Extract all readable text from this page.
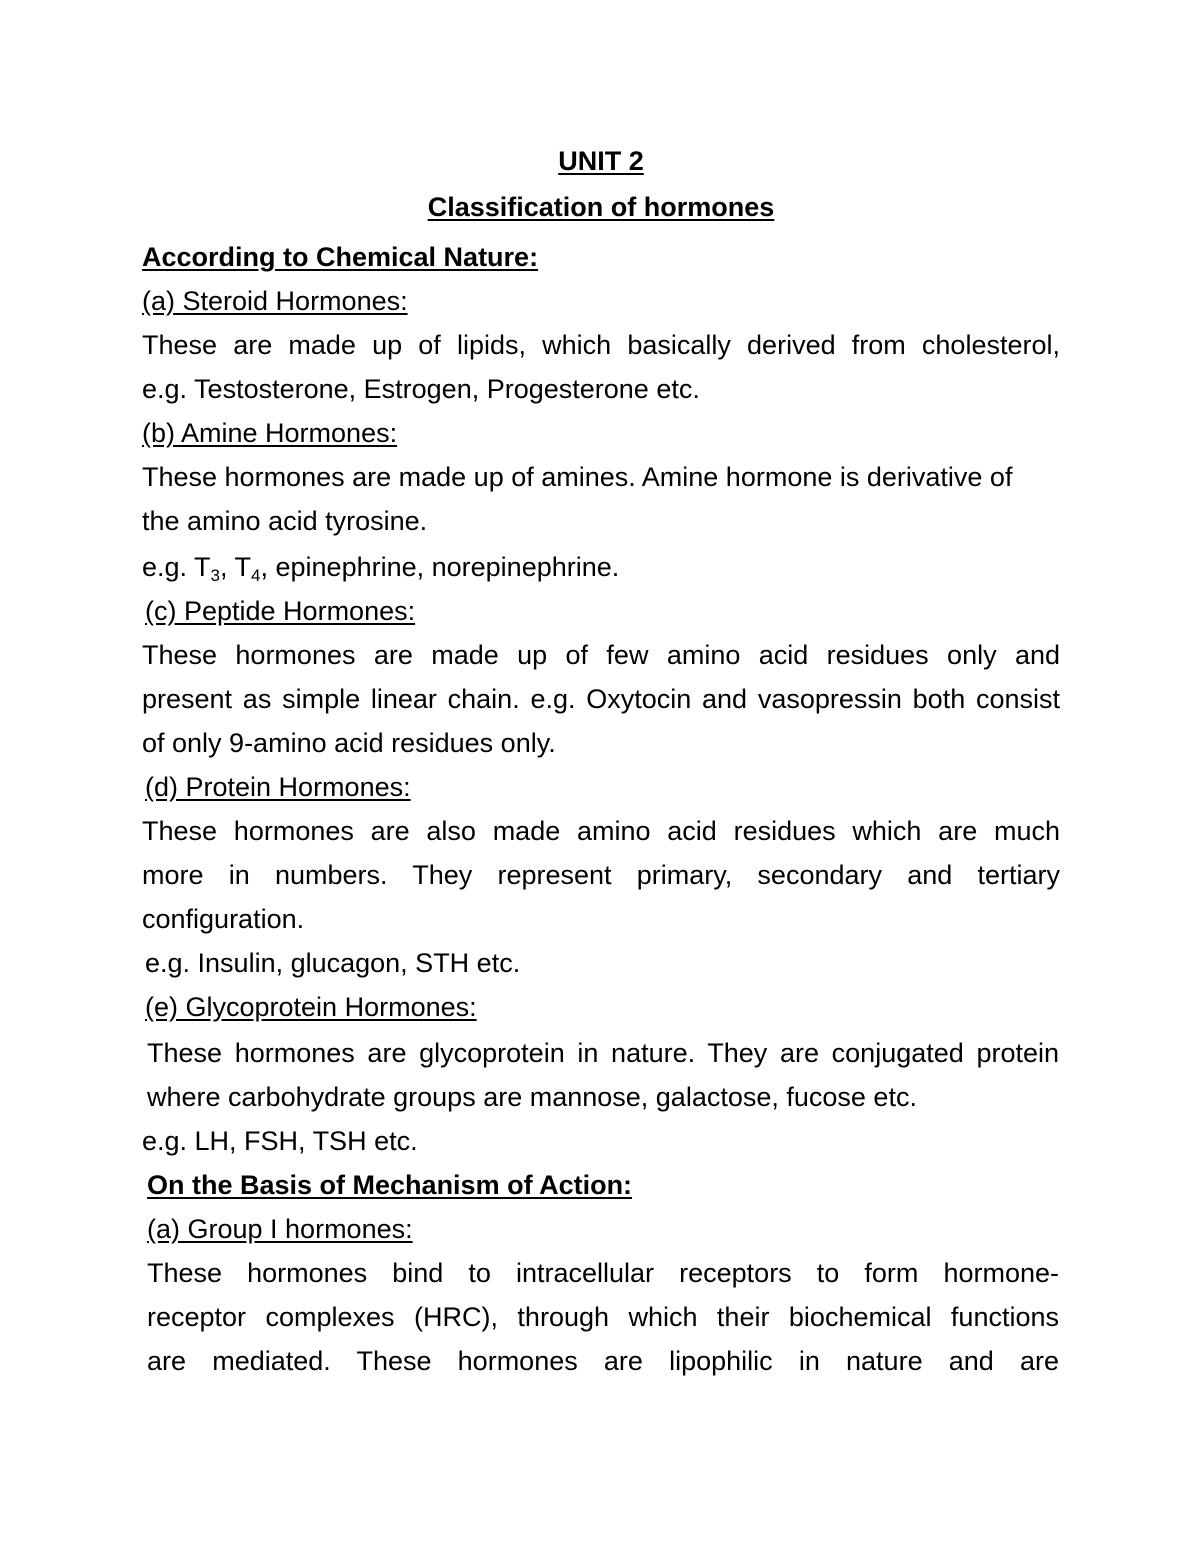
UNIT 2
Classification of hormones
According to Chemical Nature:
(a) Steroid Hormones:
These are made up of lipids, which basically derived from cholesterol,
e.g. Testosterone, Estrogen, Progesterone etc.
(b) Amine Hormones:
These hormones are made up of amines. Amine hormone is derivative of
the amino acid tyrosine.
e.g. $T_3$, $T_4$, epinephrine, norepinephrine.
(c) Peptide Hormones:
These hormones are made up of few amino acid residues only and
present as simple linear chain. e.g. Oxytocin and vasopressin both consist
of only 9-amino acid residues only.
(d) Protein Hormones:
These hormones are also made amino acid residues which are much
more in numbers. They represent primary, secondary and tertiary
configuration.
e.g. Insulin, glucagon, STH etc.
(e) Glycoprotein Hormones:
These hormones are glycoprotein in nature. They are conjugated protein
where carbohydrate groups are mannose, galactose, fucose etc.
e.g. LH, FSH, TSH etc.
On the Basis of Mechanism of Action:
(a) Group I hormones:
These hormones bind to intracellular receptors to form hormone-
receptor complexes (HRC), through which their biochemical functions
are mediated. These hormones are lipophilic in nature and are
